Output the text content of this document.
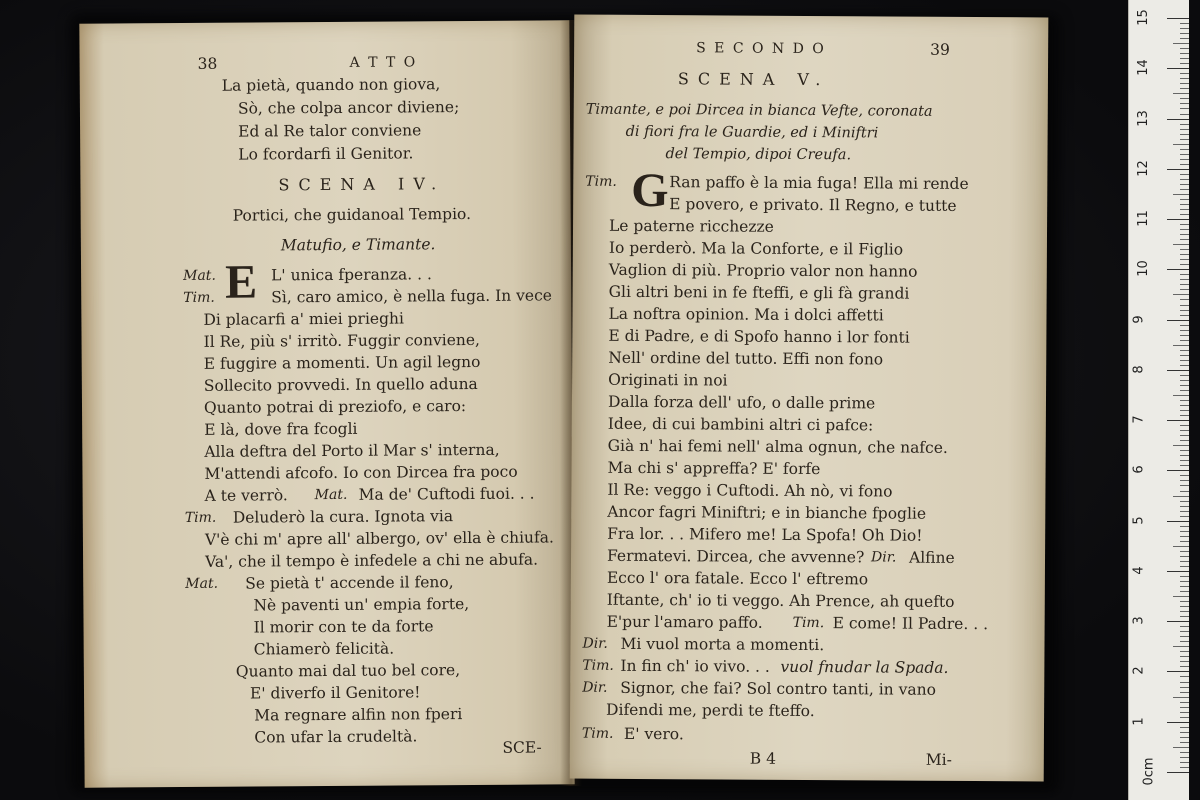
38	A T T O
La pietà, quando non giova,
Sò, che colpa ancor diviene;
Ed al Re talor conviene
Lo fcordarfi il Genitor.
SCENA IV.
Portici, che guidanoal Tempio.
Matufio, e Timante.
Mat. E L' unica fperanza. . .
Tim.	Sì, caro amico, è nella fuga. In vece
Di placarfi a' miei prieghi
Il Re, più s' irritò. Fuggir conviene,
E fuggire a momenti. Un agil legno
Sollecito provvedi. In quello aduna
Quanto potrai di preziofo, e caro:
E là, dove fra fcogli
Alla deftra del Porto il Mar s' interna,
M'attendi afcofo. Io con Dircea fra poco
A te verrò. Mat. Ma de' Cuftodi fuoi. . .
Tim. Deluderò la cura. Ignota via
V'è chi m' apre all' albergo, ov' ella è chiufa.
Va', che il tempo è infedele a chi ne abufa.
Mat. Se pietà t' accende il feno,
Nè paventi un' empia forte,
Il morir con te da forte
Chiamerò felicità.
Quanto mai dal tuo bel core,
E' diverfo il Genitore!
Ma regnare alfin non fperi
Con ufar la crudeltà.
SCE-
S E C O N D O	39
SCENA V.
Timante, e poi Dircea in bianca Vefte, coronata
di fiori fra le Guardie, ed i Miniftri
del Tempio, dipoi Creufa.
Tim. G Ran paffo è la mia fuga! Ella mi rende
E povero, e privato. Il Regno, e tutte
Le paterne ricchezze
Io perderò. Ma la Conforte, e il Figlio
Vaglion di più. Proprio valor non hanno
Gli altri beni in fe fteffi, e gli fà grandi
La noftra opinion. Ma i dolci affetti
E di Padre, e di Spofo hanno i lor fonti
Nell' ordine del tutto. Effi non fono
Originati in noi
Dalla forza dell' ufo, o dalle prime
Idee, di cui bambini altri ci pafce:
Già n' hai femi nell' alma ognun, che nafce.
Ma chi s' appreffa? E' forfe
Il Re: veggo i Cuftodi. Ah nò, vi fono
Ancor fagri Miniftri; e in bianche fpoglie
Fra lor. . . Mifero me! La Spofa! Oh Dio!
Fermatevi. Dircea, che avvenne? Dir. Alfine
Ecco l' ora fatale. Ecco l' eftremo
Iftante, ch' io ti veggo. Ah Prence, ah quefto
E'pur l'amaro paffo. Tim. E come! Il Padre. . .
Dir. Mi vuol morta a momenti.
Tim. In fin ch' io vivo. . . vuol fnudar la Spada.
Dir. Signor, che fai? Sol contro tanti, in vano
Difendi me, perdi te fteffo.
Tim. E' vero.
B 4	Mi-	0cm
1
2
3
4
5
6
7
8
9
10
11
12
13
14
15
